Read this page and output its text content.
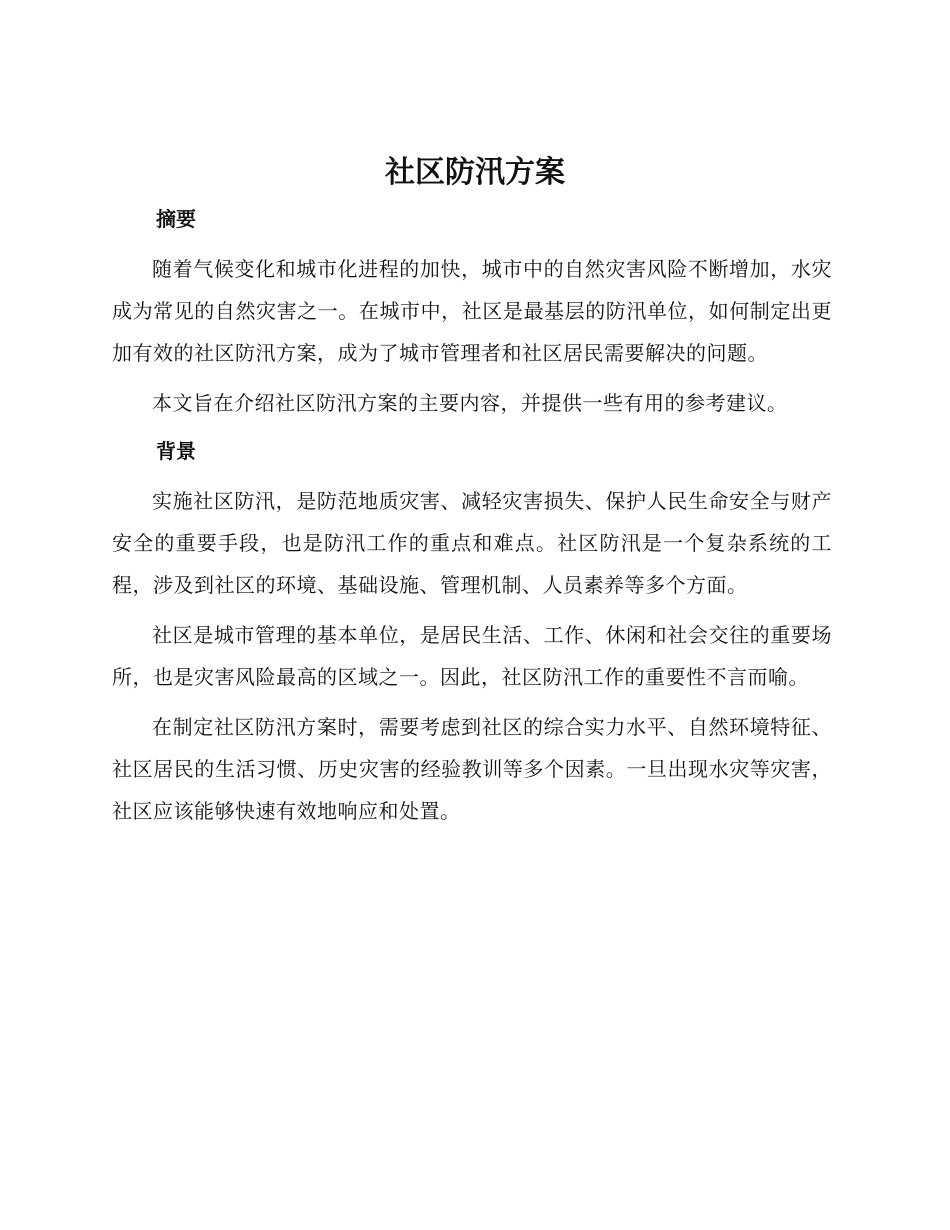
社区防汛方案
摘要

随着气候变化和城市化进程的加快，城市中的自然灾害风险不断增加，水灾成为常见的自然灾害之一。在城市中，社区是最基层的防汛单位，如何制定出更加有效的社区防汛方案，成为了城市管理者和社区居民需要解决的问题。

本文旨在介绍社区防汛方案的主要内容，并提供一些有用的参考建议。

背景

实施社区防汛，是防范地质灾害、减轻灾害损失、保护人民生命安全与财产安全的重要手段，也是防汛工作的重点和难点。社区防汛是一个复杂系统的工程，涉及到社区的环境、基础设施、管理机制、人员素养等多个方面。

社区是城市管理的基本单位，是居民生活、工作、休闲和社会交往的重要场所，也是灾害风险最高的区域之一。因此，社区防汛工作的重要性不言而喻。

在制定社区防汛方案时，需要考虑到社区的综合实力水平、自然环境特征、社区居民的生活习惯、历史灾害的经验教训等多个因素。一旦出现水灾等灾害，社区应该能够快速有效地响应和处置。
